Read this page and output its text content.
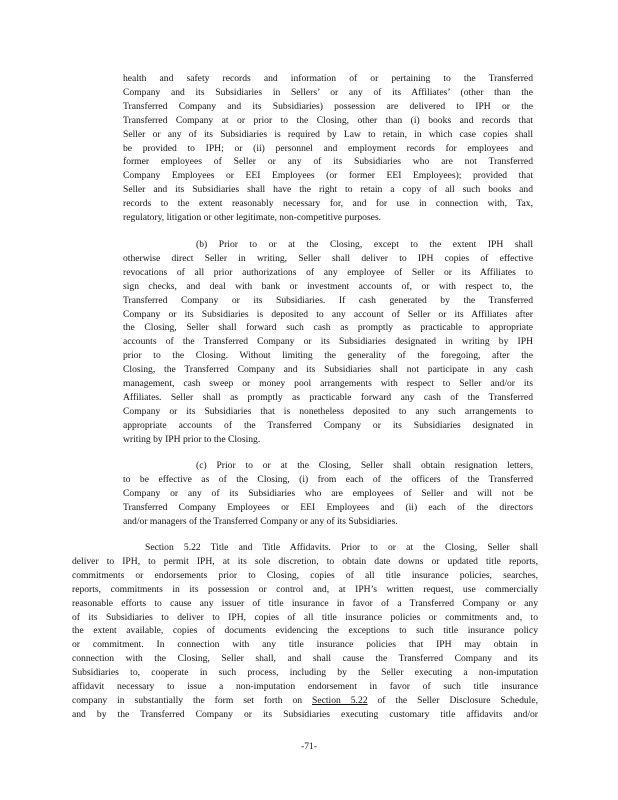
health and safety records and information of or pertaining to the Transferred
Company and its Subsidiaries in Sellers’ or any of its Affiliates’ (other than the
Transferred Company and its Subsidiaries) possession are delivered to IPH or the
Transferred Company at or prior to the Closing, other than (i) books and records that
Seller or any of its Subsidiaries is required by Law to retain, in which case copies shall
be provided to IPH; or (ii) personnel and employment records for employees and
former employees of Seller or any of its Subsidiaries who are not Transferred
Company Employees or EEI Employees (or former EEI Employees); provided that
Seller and its Subsidiaries shall have the right to retain a copy of all such books and
records to the extent reasonably necessary for, and for use in connection with, Tax,
regulatory, litigation or other legitimate, non-competitive purposes.
(b) Prior to or at the Closing, except to the extent IPH shall
otherwise direct Seller in writing, Seller shall deliver to IPH copies of effective
revocations of all prior authorizations of any employee of Seller or its Affiliates to
sign checks, and deal with bank or investment accounts of, or with respect to, the
Transferred Company or its Subsidiaries. If cash generated by the Transferred
Company or its Subsidiaries is deposited to any account of Seller or its Affiliates after
the Closing, Seller shall forward such cash as promptly as practicable to appropriate
accounts of the Transferred Company or its Subsidiaries designated in writing by IPH
prior to the Closing. Without limiting the generality of the foregoing, after the
Closing, the Transferred Company and its Subsidiaries shall not participate in any cash
management, cash sweep or money pool arrangements with respect to Seller and/or its
Affiliates. Seller shall as promptly as practicable forward any cash of the Transferred
Company or its Subsidiaries that is nonetheless deposited to any such arrangements to
appropriate accounts of the Transferred Company or its Subsidiaries designated in
writing by IPH prior to the Closing.
(c) Prior to or at the Closing, Seller shall obtain resignation letters,
to be effective as of the Closing, (i) from each of the officers of the Transferred
Company or any of its Subsidiaries who are employees of Seller and will not be
Transferred Company Employees or EEI Employees and (ii) each of the directors
and/or managers of the Transferred Company or any of its Subsidiaries.
Section 5.22 Title and Title Affidavits. Prior to or at the Closing, Seller shall
deliver to IPH, to permit IPH, at its sole discretion, to obtain date downs or updated title reports,
commitments or endorsements prior to Closing, copies of all title insurance policies, searches,
reports, commitments in its possession or control and, at IPH’s written request, use commercially
reasonable efforts to cause any issuer of title insurance in favor of a Transferred Company or any
of its Subsidiaries to deliver to IPH, copies of all title insurance policies or commitments and, to
the extent available, copies of documents evidencing the exceptions to such title insurance policy
or commitment. In connection with any title insurance policies that IPH may obtain in
connection with the Closing, Seller shall, and shall cause the Transferred Company and its
Subsidiaries to, cooperate in such process, including by the Seller executing a non-imputation
affidavit necessary to issue a non-imputation endorsement in favor of such title insurance
company in substantially the form set forth on Section 5.22 of the Seller Disclosure Schedule,
and by the Transferred Company or its Subsidiaries executing customary title affidavits and/or
-71-
